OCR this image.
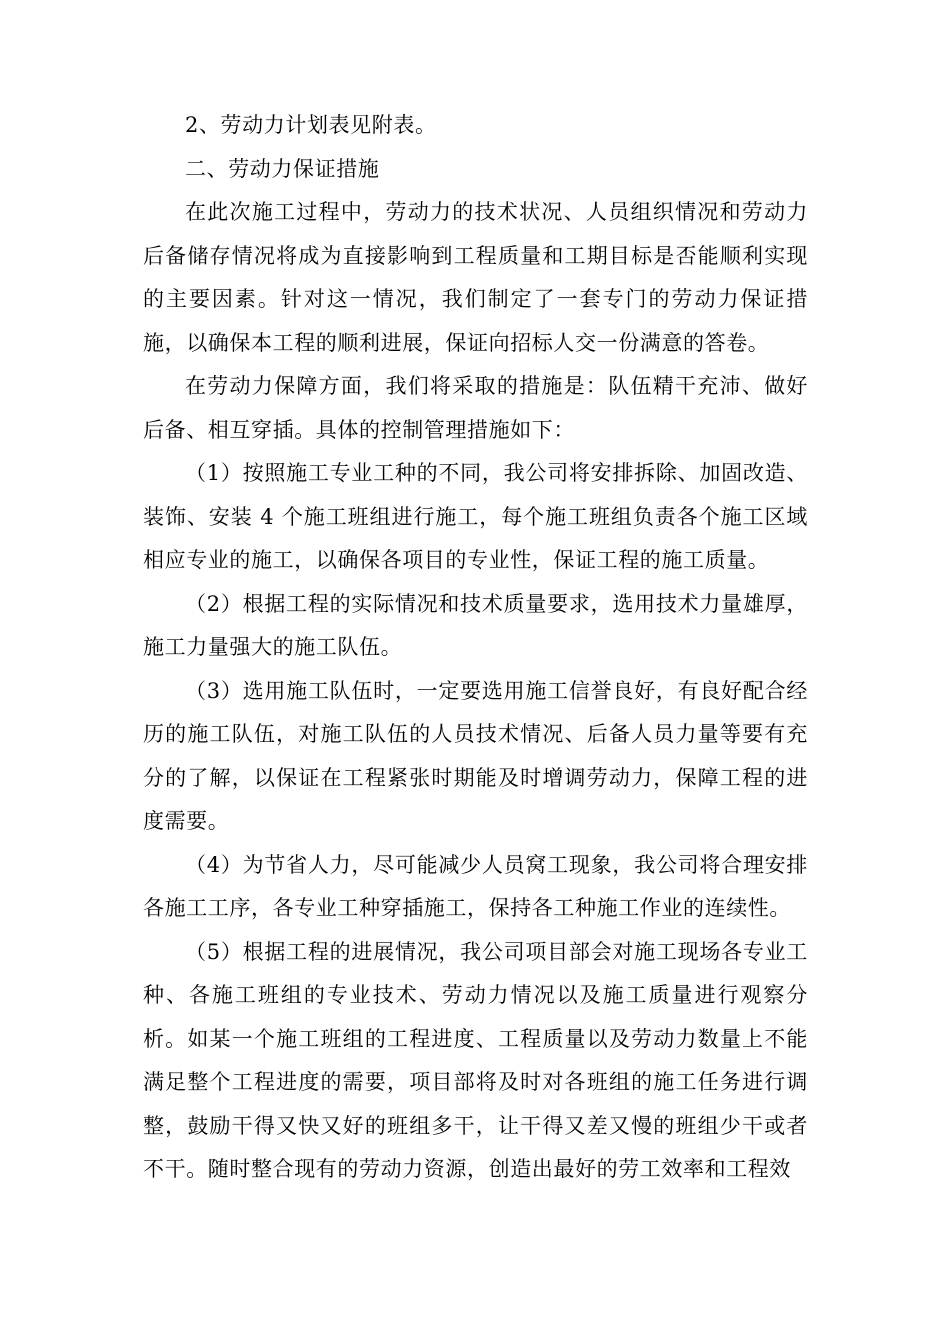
2、劳动力计划表见附表。

二、劳动力保证措施

在此次施工过程中，劳动力的技术状况、人员组织情况和劳动力后备储存情况将成为直接影响到工程质量和工期目标是否能顺利实现的主要因素。针对这一情况，我们制定了一套专门的劳动力保证措施，以确保本工程的顺利进展，保证向招标人交一份满意的答卷。

在劳动力保障方面，我们将采取的措施是：队伍精干充沛、做好后备、相互穿插。具体的控制管理措施如下：

（1）按照施工专业工种的不同，我公司将安排拆除、加固改造、装饰、安装 4 个施工班组进行施工，每个施工班组负责各个施工区域相应专业的施工，以确保各项目的专业性，保证工程的施工质量。

（2）根据工程的实际情况和技术质量要求，选用技术力量雄厚，施工力量强大的施工队伍。

（3）选用施工队伍时，一定要选用施工信誉良好，有良好配合经历的施工队伍，对施工队伍的人员技术情况、后备人员力量等要有充分的了解，以保证在工程紧张时期能及时增调劳动力，保障工程的进度需要。

（4）为节省人力，尽可能减少人员窝工现象，我公司将合理安排各施工工序，各专业工种穿插施工，保持各工种施工作业的连续性。

（5）根据工程的进展情况，我公司项目部会对施工现场各专业工种、各施工班组的专业技术、劳动力情况以及施工质量进行观察分析。如某一个施工班组的工程进度、工程质量以及劳动力数量上不能满足整个工程进度的需要，项目部将及时对各班组的施工任务进行调整，鼓励干得又快又好的班组多干，让干得又差又慢的班组少干或者不干。随时整合现有的劳动力资源，创造出最好的劳工效率和工程效
